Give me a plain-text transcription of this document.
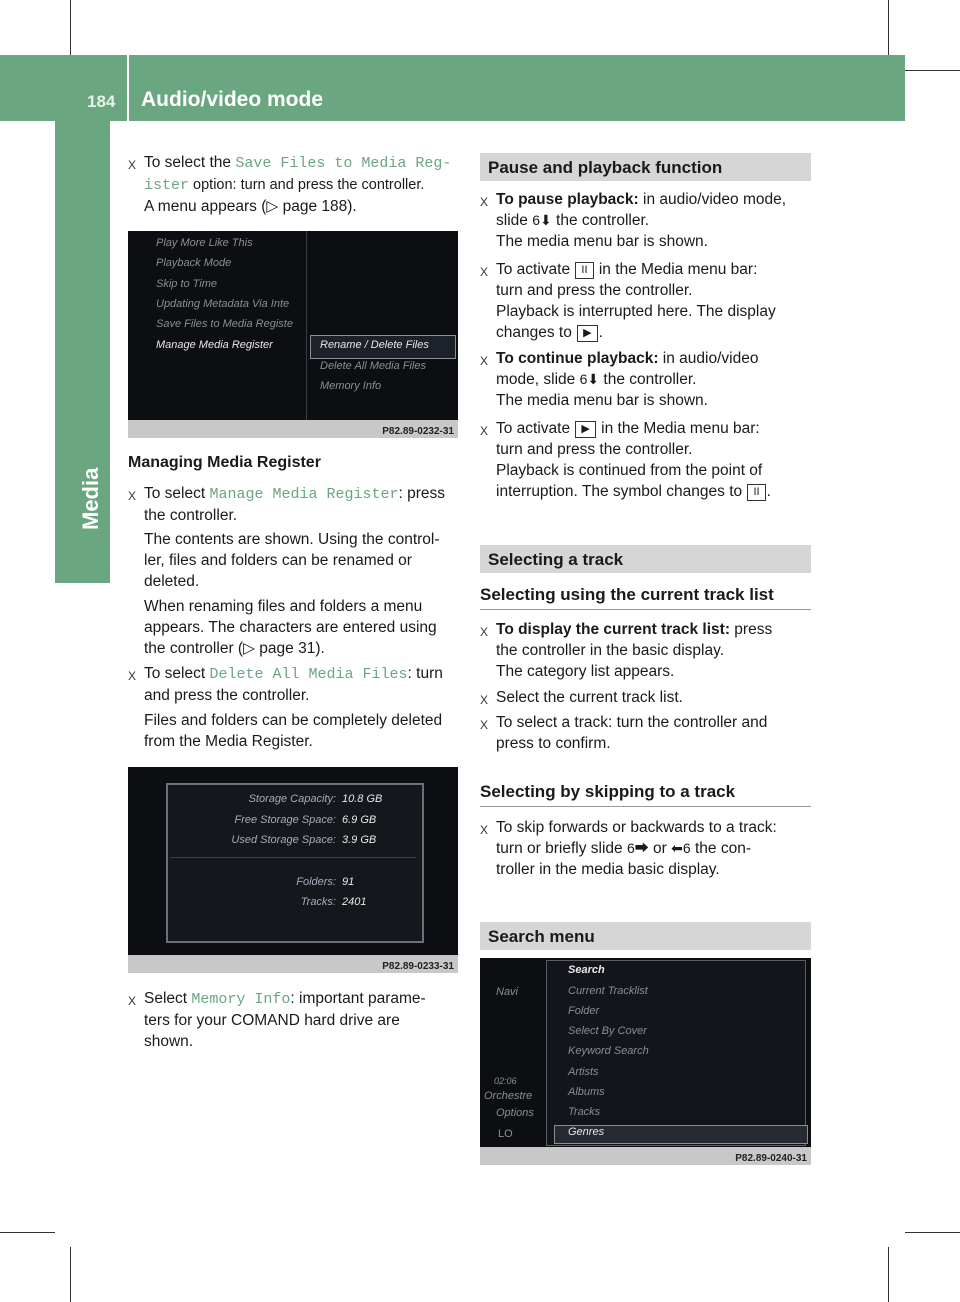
184 Audio/video mode
Media
X To select the Save Files to Media Reg‐
ister option: turn and press the controller.
A menu appears (▷ page 188).
Play More Like This
Playback Mode
Skip to Time
Updating Metadata Via Inte
Save Files to Media Registe
Manage Media Register	Rename / Delete Files
Delete All Media Files
Memory Info
P82.89-0232-31
Managing Media Register
X To select Manage Media Register: press
the controller.
The contents are shown. Using the control-
ler, files and folders can be renamed or
deleted.
When renaming files and folders a menu
appears. The characters are entered using
the controller (▷ page 31).
X To select Delete All Media Files: turn
and press the controller.
Files and folders can be completely deleted
from the Media Register.
Storage Capacity: 10.8 GB
Free Storage Space: 6.9 GB
Used Storage Space: 3.9 GB
Folders: 91
Tracks: 2401
P82.89-0233-31
X Select Memory Info: important parame-
ters for your COMAND hard drive are
shown.
Pause and playback function
X To pause playback: in audio/video mode,
slide 6⬇ the controller.
The media menu bar is shown.
X To activate II in the Media menu bar:
turn and press the controller.
Playback is interrupted here. The display
changes to ▶ .
X To continue playback: in audio/video
mode, slide 6⬇ the controller.
The media menu bar is shown.
X To activate ▶ in the Media menu bar:
turn and press the controller.
Playback is continued from the point of
interruption. The symbol changes to II .
Selecting a track
Selecting using the current track list
X To display the current track list: press
the controller in the basic display.
The category list appears.
X Select the current track list.
X To select a track: turn the controller and
press to confirm.
Selecting by skipping to a track
X To skip forwards or backwards to a track:
turn or briefly slide 6⮕ or ⬅6 the con-
troller in the media basic display.
Search menu
Navi
02:06
Orchestre
Options
LO
Search
Current Tracklist
Folder
Select By Cover
Keyword Search
Artists
Albums
Tracks
Genres
P82.89-0240-31
